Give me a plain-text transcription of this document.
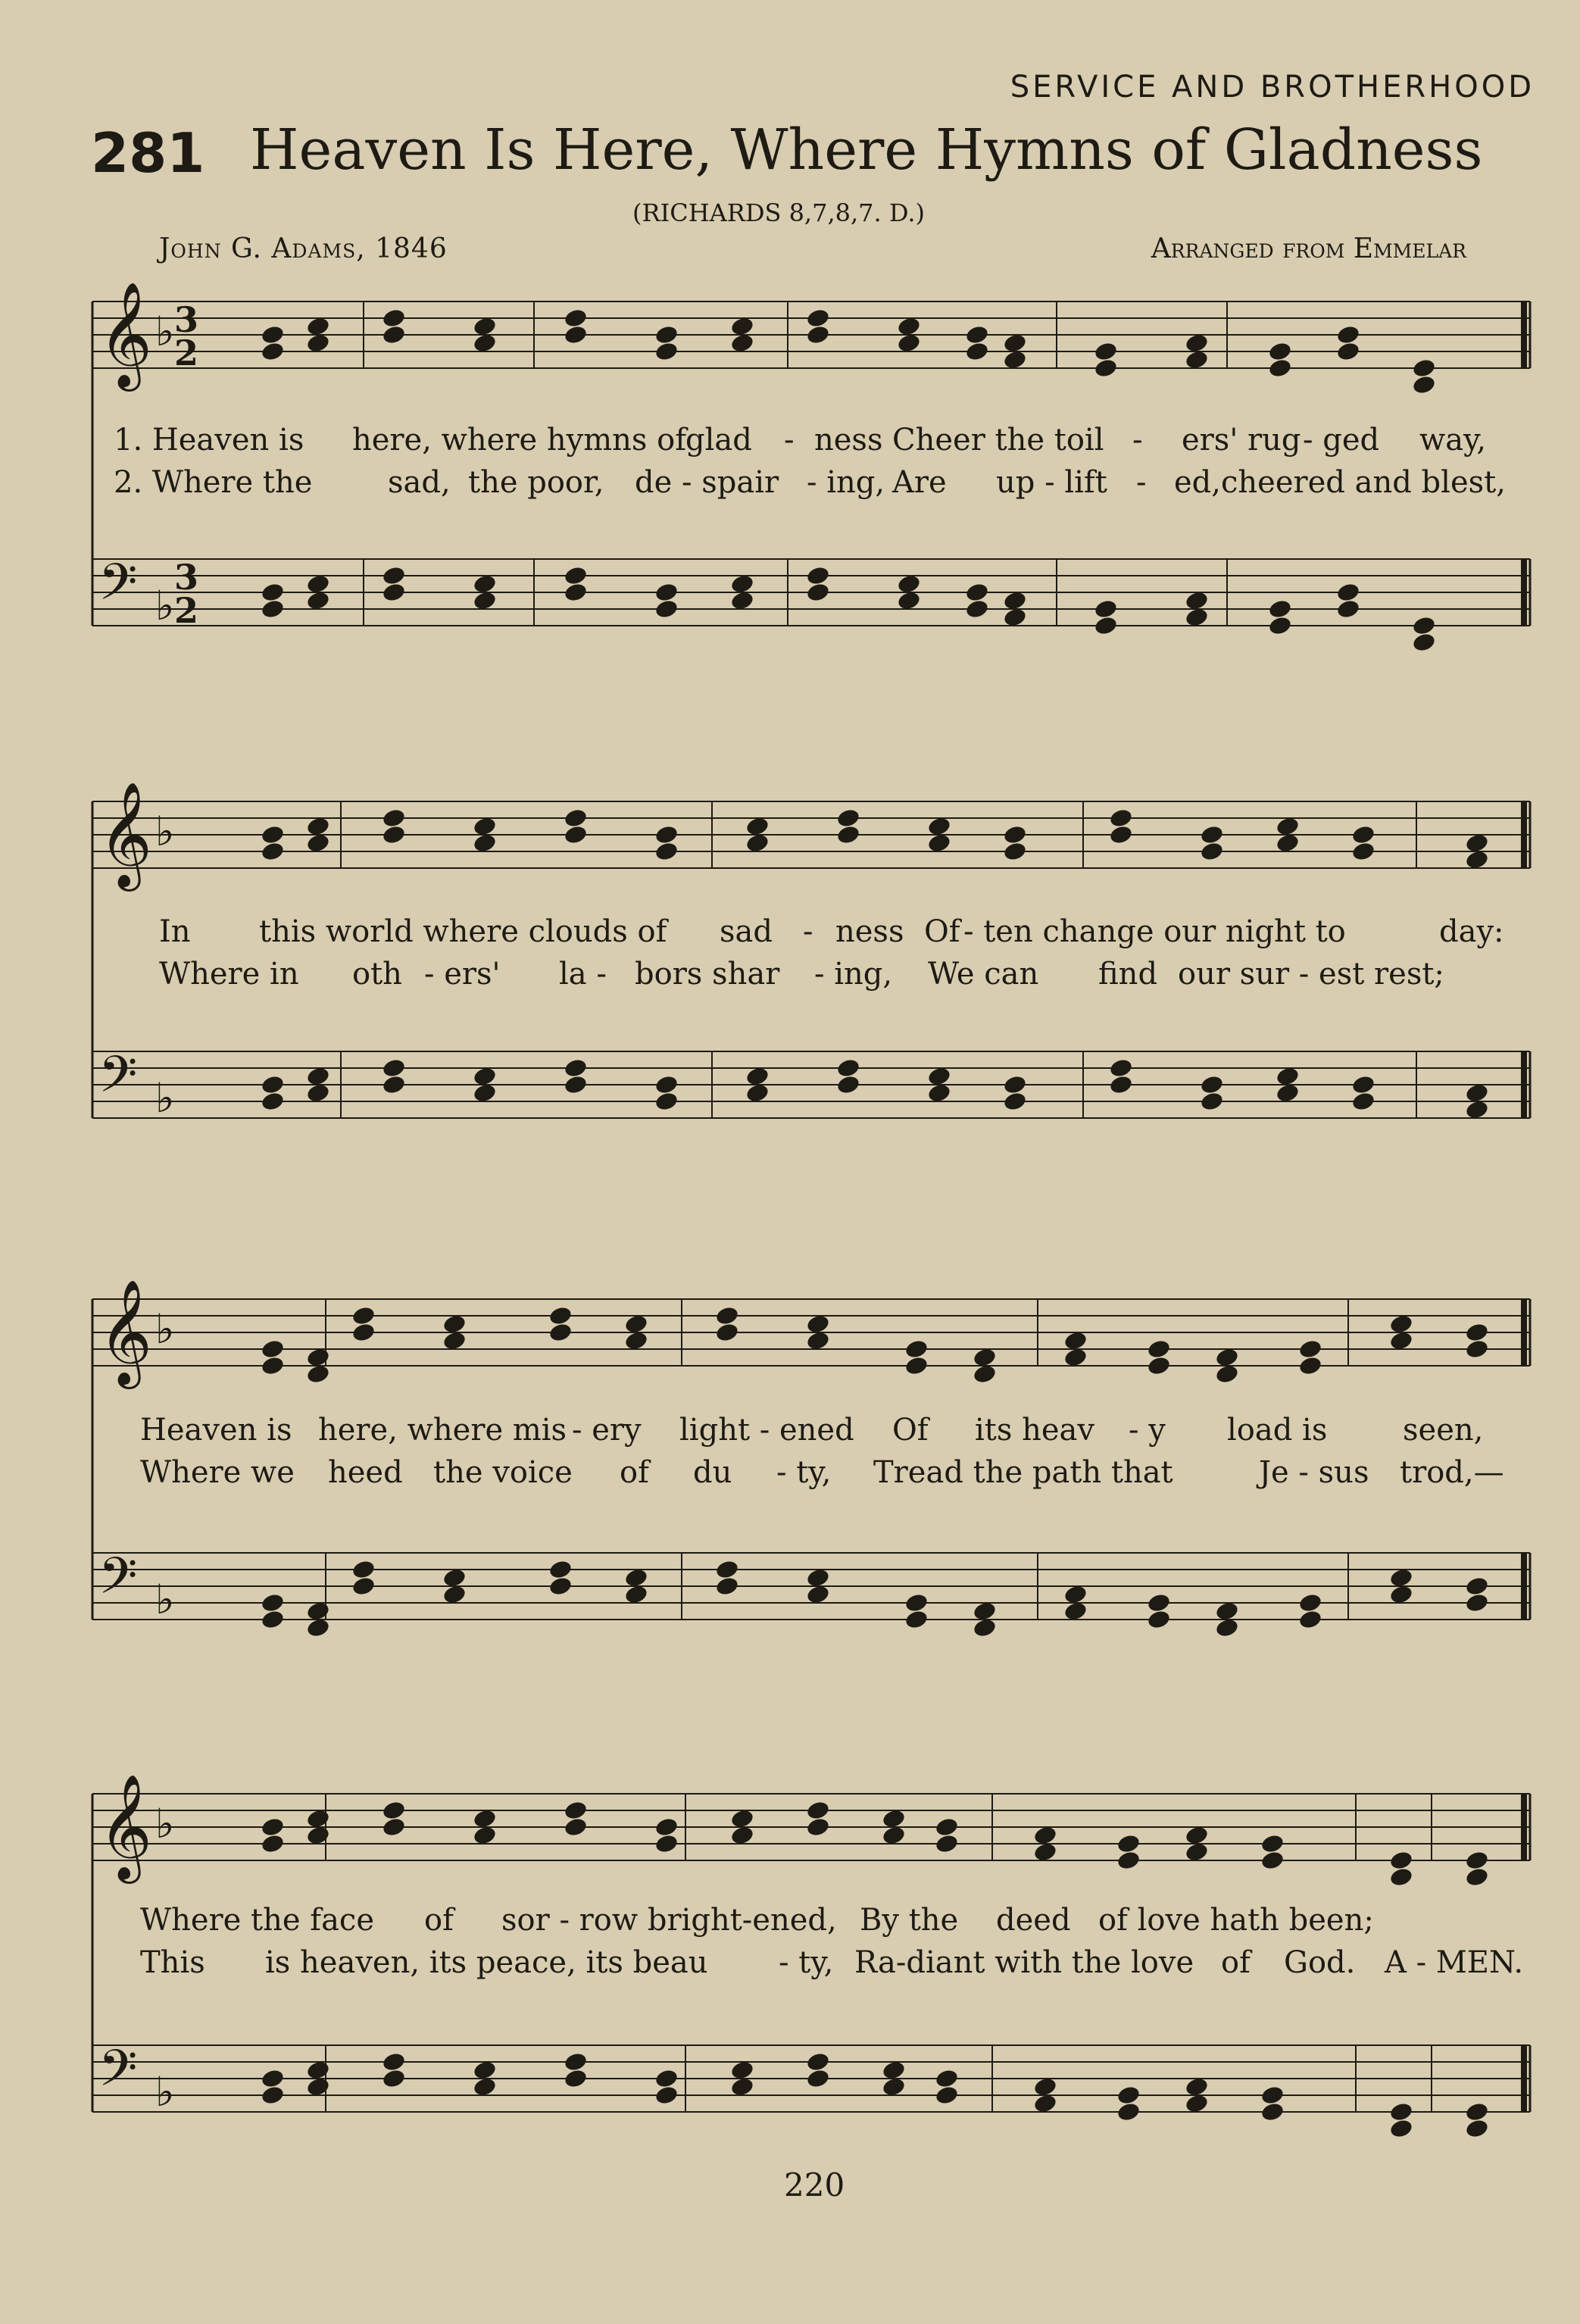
SERVICE AND BROTHERHOOD
281 Heaven Is Here, Where Hymns of Gladness
(RICHARDS 8,7,8,7. D.)
John G. Adams, 1846	Arranged from Emmelar
𝄞 ♭
𝄢 ♭
𝄞 ♭
𝄢 ♭
𝄞 ♭
𝄢 ♭
𝄞 ♭
𝄢 ♭
3
3
2
2
1. Heaven is here, where hymns of
glad - ness Cheer the toil - ers' rug - ged way,
2. Where the sad, the poor, de - spair - ing, Are up - lift - ed,cheered and blest,
In this world where clouds of sad - ness Of - ten change our night to	day:
Where in oth - ers' la - bors shar - ing, We can find our sur - est rest;
Heaven is here, where mis - ery light - ened Of its heav - y load is seen,
Where we heed the voice of du - ty, Tread the path that	Je - sus trod,—
Where the face of sor - row bright-ened, By the deed of love hath been;
This is heaven, its peace, its beau - ty, Ra-diant with the love of God. A - MEN.
220
